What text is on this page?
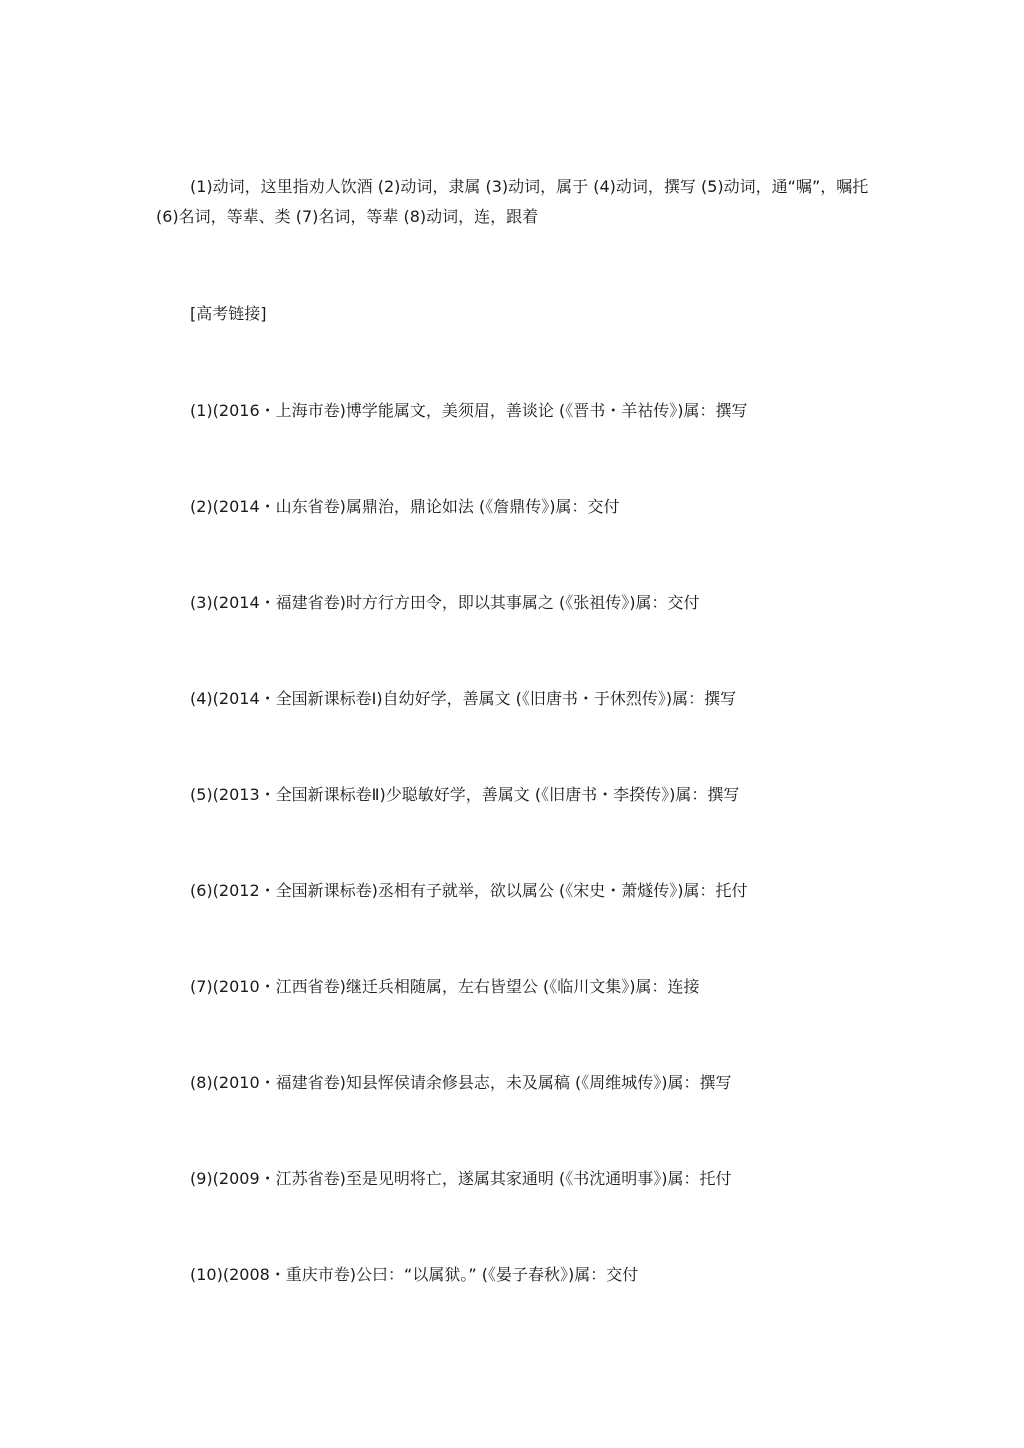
(1)动词，这里指劝人饮酒 (2)动词，隶属 (3)动词，属于 (4)动词，撰写 (5)动词，通“嘱”，嘱托 (6)名词，等辈、类 (7)名词，等辈 (8)动词，连，跟着

[高考链接]

(1)(2016・上海市卷)博学能属文，美须眉，善谈论 (《晋书・羊祜传》)属：撰写

(2)(2014・山东省卷)属鼎治，鼎论如法 (《詹鼎传》)属：交付

(3)(2014・福建省卷)时方行方田令，即以其事属之 (《张祖传》)属：交付

(4)(2014・全国新课标卷Ⅰ)自幼好学，善属文 (《旧唐书・于休烈传》)属：撰写

(5)(2013・全国新课标卷Ⅱ)少聪敏好学，善属文 (《旧唐书・李揆传》)属：撰写

(6)(2012・全国新课标卷)丞相有子就举，欲以属公 (《宋史・萧燧传》)属：托付

(7)(2010・江西省卷)继迁兵相随属，左右皆望公 (《临川文集》)属：连接

(8)(2010・福建省卷)知县恽侯请余修县志，未及属稿 (《周维城传》)属：撰写

(9)(2009・江苏省卷)至是见明将亡，遂属其家通明 (《书沈通明事》)属：托付

(10)(2008・重庆市卷)公曰：“以属狱。” (《晏子春秋》)属：交付
